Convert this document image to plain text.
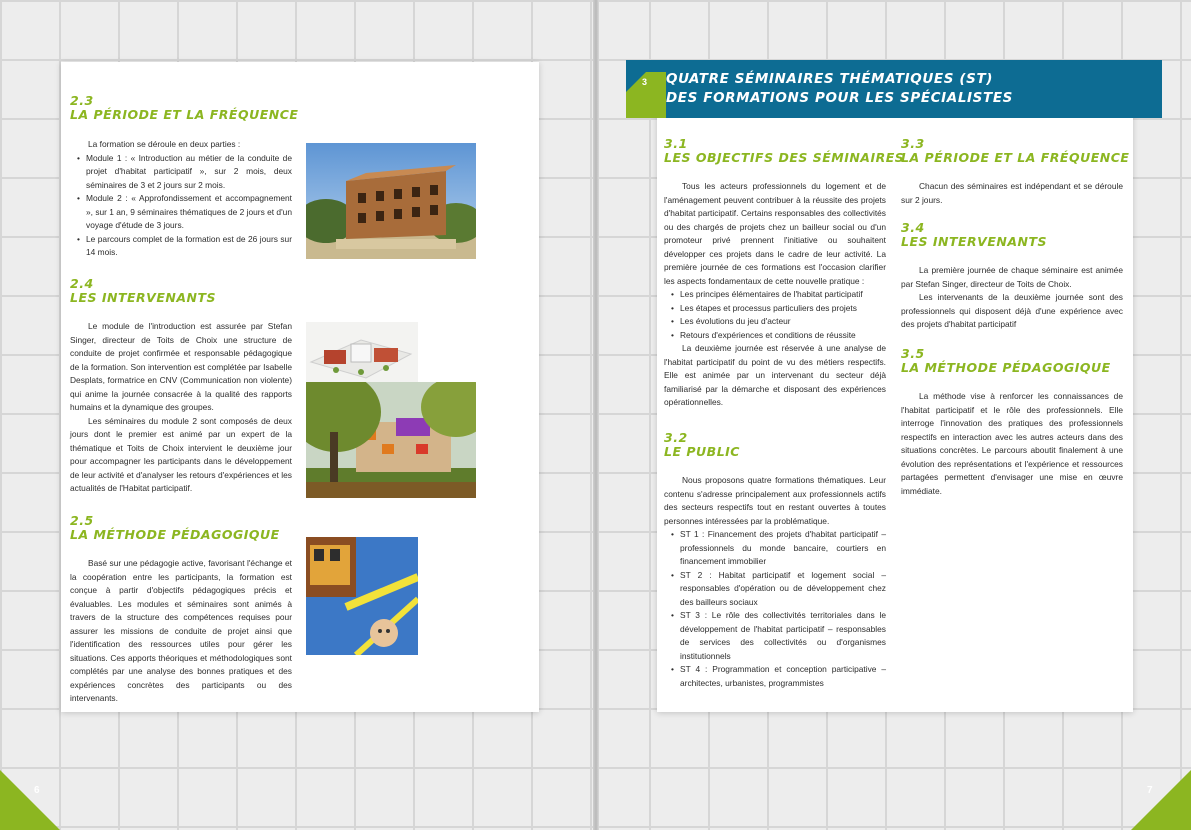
2.3
LA PÉRIODE ET LA FRÉQUENCE

La formation se déroule en deux parties :

• Module 1 : « Introduction au métier de la conduite de projet d'habitat participatif », sur 2 mois, deux séminaires de 3 et 2 jours sur 2 mois.
• Module 2 : « Approfondissement et accompagnement », sur 1 an, 9 séminaires thématiques de 2 jours et d'un voyage d'étude de 3 jours.
• Le parcours complet de la formation est de 26 jours sur 14 mois.
2.4
LES INTERVENANTS

Le module de l'introduction est assurée par Stefan Singer, directeur de Toits de Choix une structure de conduite de projet confirmée et responsable pédagogique de la formation. Son intervention est complétée par Isabelle Desplats, formatrice en CNV (Communication non violente) qui anime la journée consacrée à la qualité des rapports humains et la dynamique des groupes.

Les séminaires du module 2 sont composés de deux jours dont le premier est animé par un expert de la thématique et Toits de Choix intervient le deuxième jour pour accompagner les participants dans le développement de leur activité et d'analyser les retours d'expériences et les actualités de l'Habitat participatif.

2.5
LA MÉTHODE PÉDAGOGIQUE

Basé sur une pédagogie active, favorisant l'échange et la coopération entre les participants, la formation est conçue à partir d'objectifs pédagogiques précis et évaluables. Les modules et séminaires sont animés à travers de la structure des compétences requises pour assurer les missions de conduite de projet ainsi que l'identification des ressources utiles pour gérer les situations. Ces apports théoriques et méthodologiques sont complétés par une analyse des bonnes pratiques et des expériences concrètes des participants ou des intervenants.

6
3 QUATRE SÉMINAIRES THÉMATIQUES (ST)
DES FORMATIONS POUR LES SPÉCIALISTES
3.1
LES OBJECTIFS DES SÉMINAIRES

Tous les acteurs professionnels du logement et de l'aménagement peuvent contribuer à la réussite des projets d'habitat participatif. Certains responsables des collectivités ou des chargés de projets chez un bailleur social ou d'un promoteur privé prennent l'initiative ou souhaitent développer ces projets dans le cadre de leur activité. La première journée de ces formations est l'occasion clarifier les aspects fondamentaux de cette nouvelle pratique :

• Les principes élémentaires de l'habitat participatif
• Les étapes et processus particuliers des projets
• Les évolutions du jeu d'acteur
• Retours d'expériences et conditions de réussite

La deuxième journée est réservée à une analyse de l'habitat participatif du point de vu des métiers respectifs. Elle est animée par un intervenant du secteur déjà familiarisé par la démarche et disposant des expériences opérationnelles.

3.2
LE PUBLIC

Nous proposons quatre formations thématiques. Leur contenu s'adresse principalement aux professionnels actifs des secteurs respectifs tout en restant ouvertes à toutes personnes intéressées par la problématique.

• ST 1 : Financement des projets d'habitat participatif – professionnels du monde bancaire, courtiers en financement immobilier
• ST 2 : Habitat participatif et logement social – responsables d'opération ou de développement chez des bailleurs sociaux
• ST 3 : Le rôle des collectivités territoriales dans le développement de l'habitat participatif – responsables de services des collectivités ou d'organismes institutionnels
• ST 4 : Programmation et conception participative – architectes, urbanistes, programmistes
3.3
LA PÉRIODE ET LA FRÉQUENCE

Chacun des séminaires est indépendant et se déroule sur 2 jours.

3.4
LES INTERVENANTS

La première journée de chaque séminaire est animée par Stefan Singer, directeur de Toits de Choix.

Les intervenants de la deuxième journée sont des professionnels qui disposent déjà d'une expérience avec des projets d'habitat participatif

3.5
LA MÉTHODE PÉDAGOGIQUE

La méthode vise à renforcer les connaissances de l'habitat participatif et le rôle des professionnels. Elle interroge l'innovation des pratiques des professionnels respectifs en interaction avec les autres acteurs dans des situations concrètes. Le parcours aboutit finalement à une évolution des représentations et l'expérience et ressources partagées permettent d'envisager une mise en œuvre immédiate.

7
